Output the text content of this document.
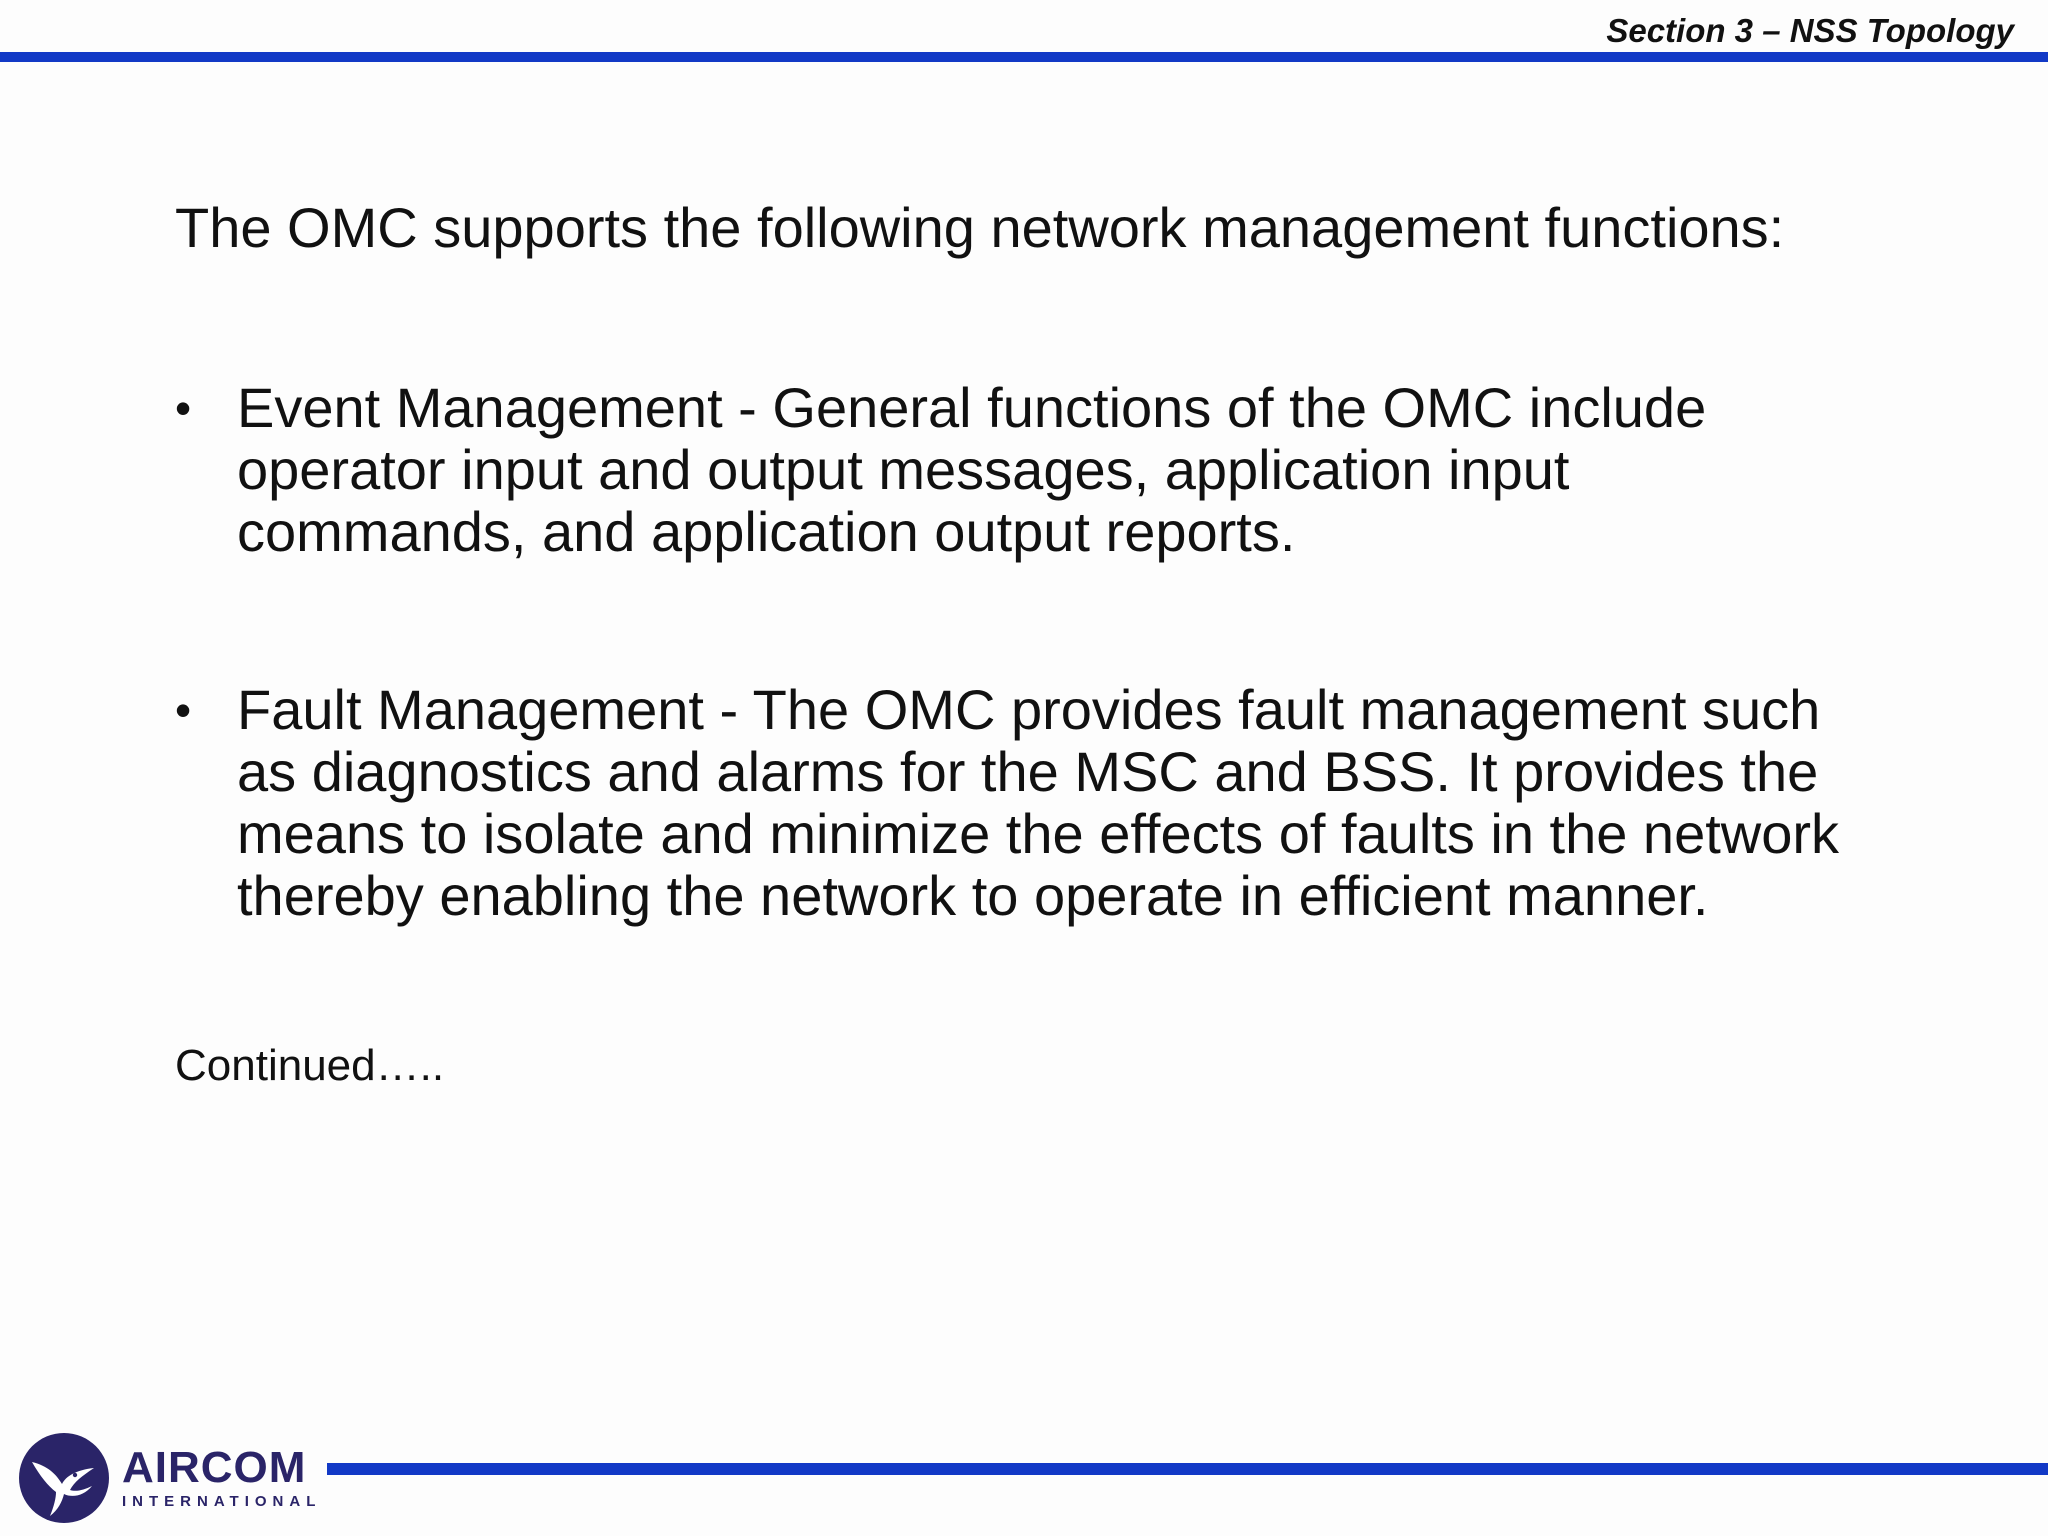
Section 3 – NSS Topology
The OMC supports the following network management functions:
• Event Management - General functions of the OMC include
operator input and output messages, application input
commands, and application output reports.
• Fault Management - The OMC provides fault management such
as diagnostics and alarms for the MSC and BSS. It provides the
means to isolate and minimize the effects of faults in the network
thereby enabling the network to operate in efficient manner.
Continued…..
AIRCOM
INTERNATIONAL
